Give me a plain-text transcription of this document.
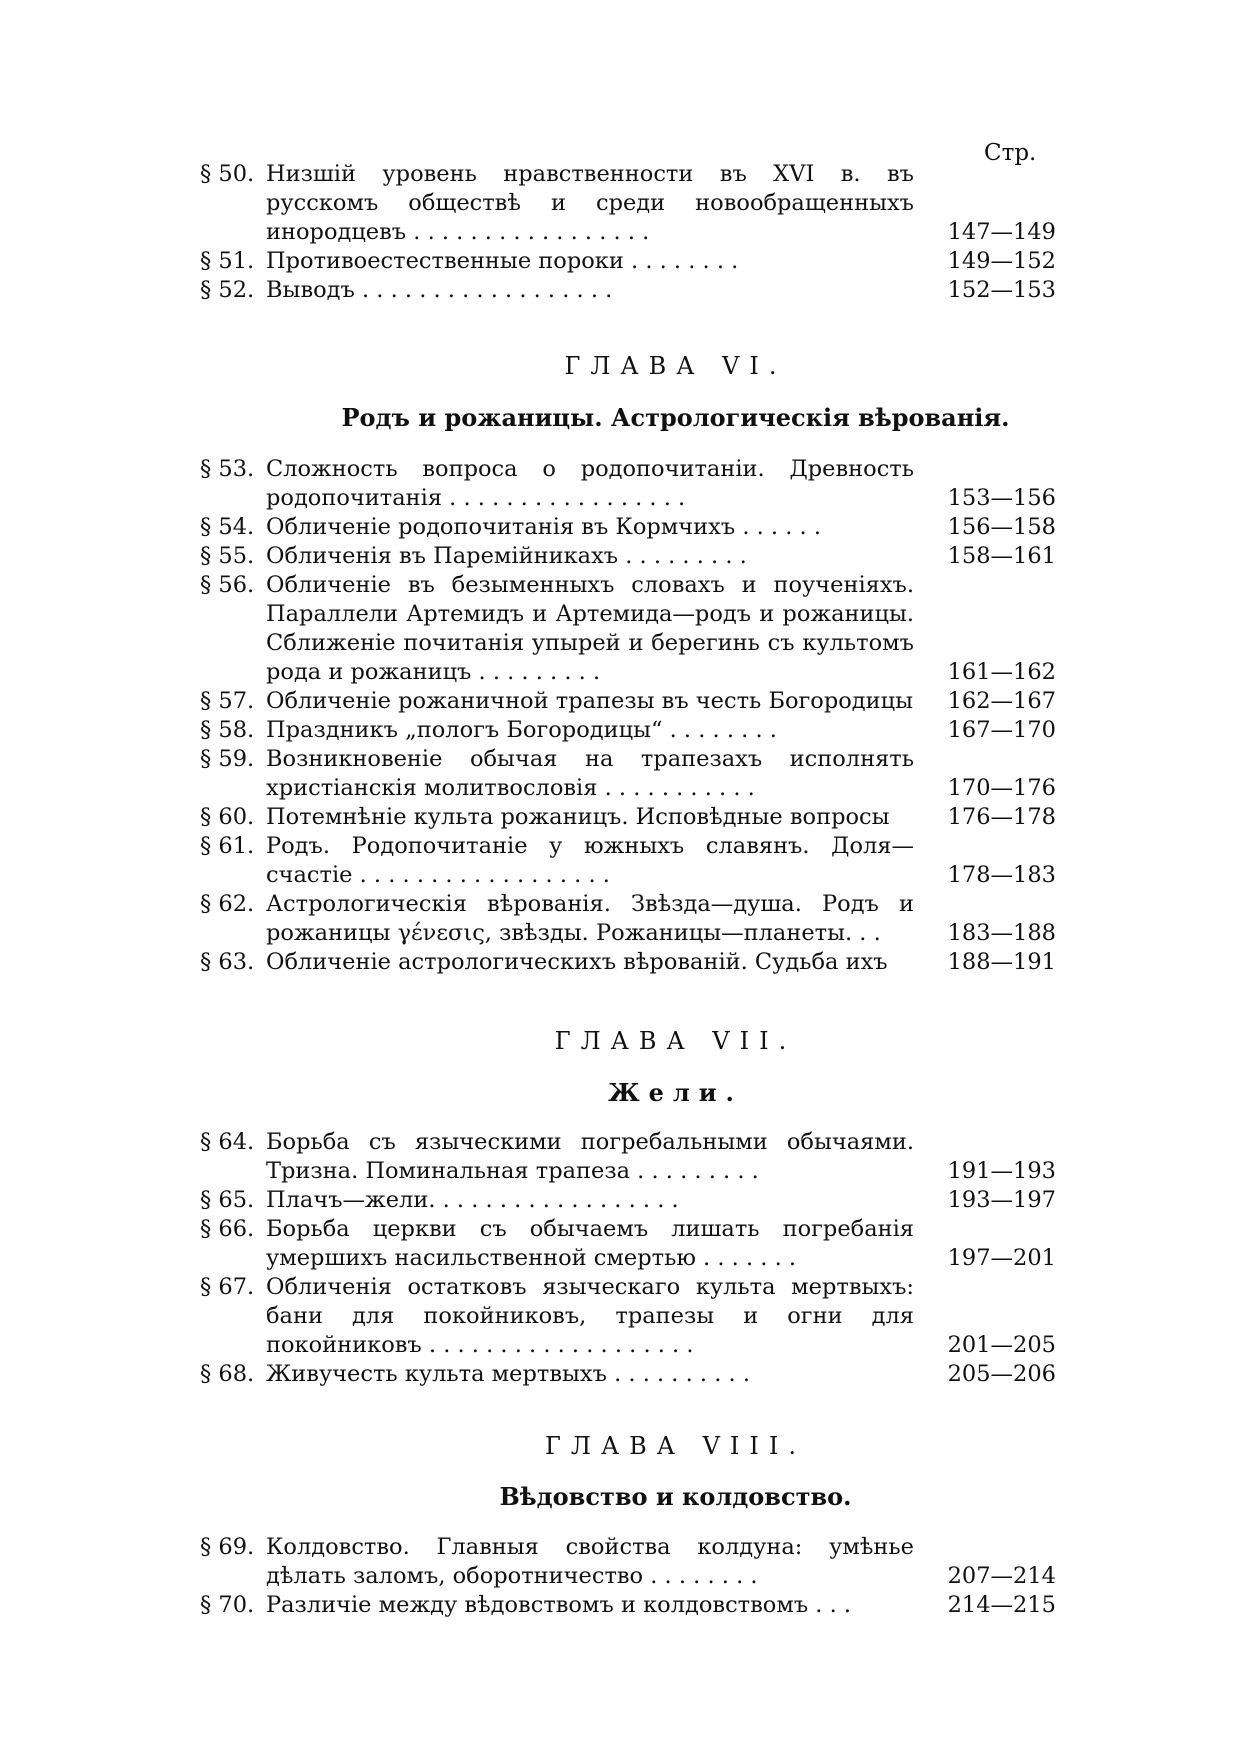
Стр.
§ 50. Низшій уровень нравственности въ XVI в. въ русскомъ обществѣ и среди новообращенныхъ инородцевъ . . . . . . . . . . . . . . . . .	147—149
§ 51. Противоестественные пороки . . . . . . . .	149—152
§ 52. Выводъ . . . . . . . . . . . . . . . . . .	152—153
ГЛАВА VI.
Родъ и рожаницы. Астрологическія вѣрованія.
§ 53. Сложность вопроса о родопочитаніи. Древность родопочитанія . . . . . . . . . . . . . . . . .	153—156
§ 54. Обличеніе родопочитанія въ Кормчихъ . . . . . .	156—158
§ 55. Обличенія въ Паремійникахъ . . . . . . . . .	158—161
§ 56. Обличеніе въ безыменныхъ словахъ и поученіяхъ. Параллели Артемидъ и Артемида—родъ и рожаницы. Сближеніе почитанія упырей и берегинь съ культомъ рода и рожаницъ . . . . . . . . .	161—162
§ 57. Обличеніе рожаничной трапезы въ честь Богородицы	162—167
§ 58. Праздникъ „пологъ Богородицы“ . . . . . . . .	167—170
§ 59. Возникновеніе обычая на трапезахъ исполнять христіанскія молитвословія . . . . . . . . . . .	170—176
§ 60. Потемнѣніе культа рожаницъ. Исповѣдные вопросы	176—178
§ 61. Родъ. Родопочитаніе у южныхъ славянъ. Доля—счастіе . . . . . . . . . . . . . . . . . .	178—183
§ 62. Астрологическія вѣрованія. Звѣзда—душа. Родъ и рожаницы γένεσις, звѣзды. Рожаницы—планеты. . .	183—188
§ 63. Обличеніе астрологическихъ вѣрованій. Судьба ихъ	188—191
ГЛАВА VII.
Жели.
§ 64. Борьба съ языческими погребальными обычаями. Тризна. Поминальная трапеза . . . . . . . . .	191—193
§ 65. Плачъ—жели. . . . . . . . . . . . . . . . . .	193—197
§ 66. Борьба церкви съ обычаемъ лишать погребанія умершихъ насильственной смертью . . . . . . .	197—201
§ 67. Обличенія остатковъ языческаго культа мертвыхъ: бани для покойниковъ, трапезы и огни для покойниковъ . . . . . . . . . . . . . . . . . . .	201—205
§ 68. Живучесть культа мертвыхъ . . . . . . . . . .	205—206
ГЛАВА VIII.
Вѣдовство и колдовство.
§ 69. Колдовство. Главныя свойства колдуна: умѣнье дѣлать заломъ, оборотничество . . . . . . . .	207—214
§ 70. Различіе между вѣдовствомъ и колдовствомъ . . .	214—215
